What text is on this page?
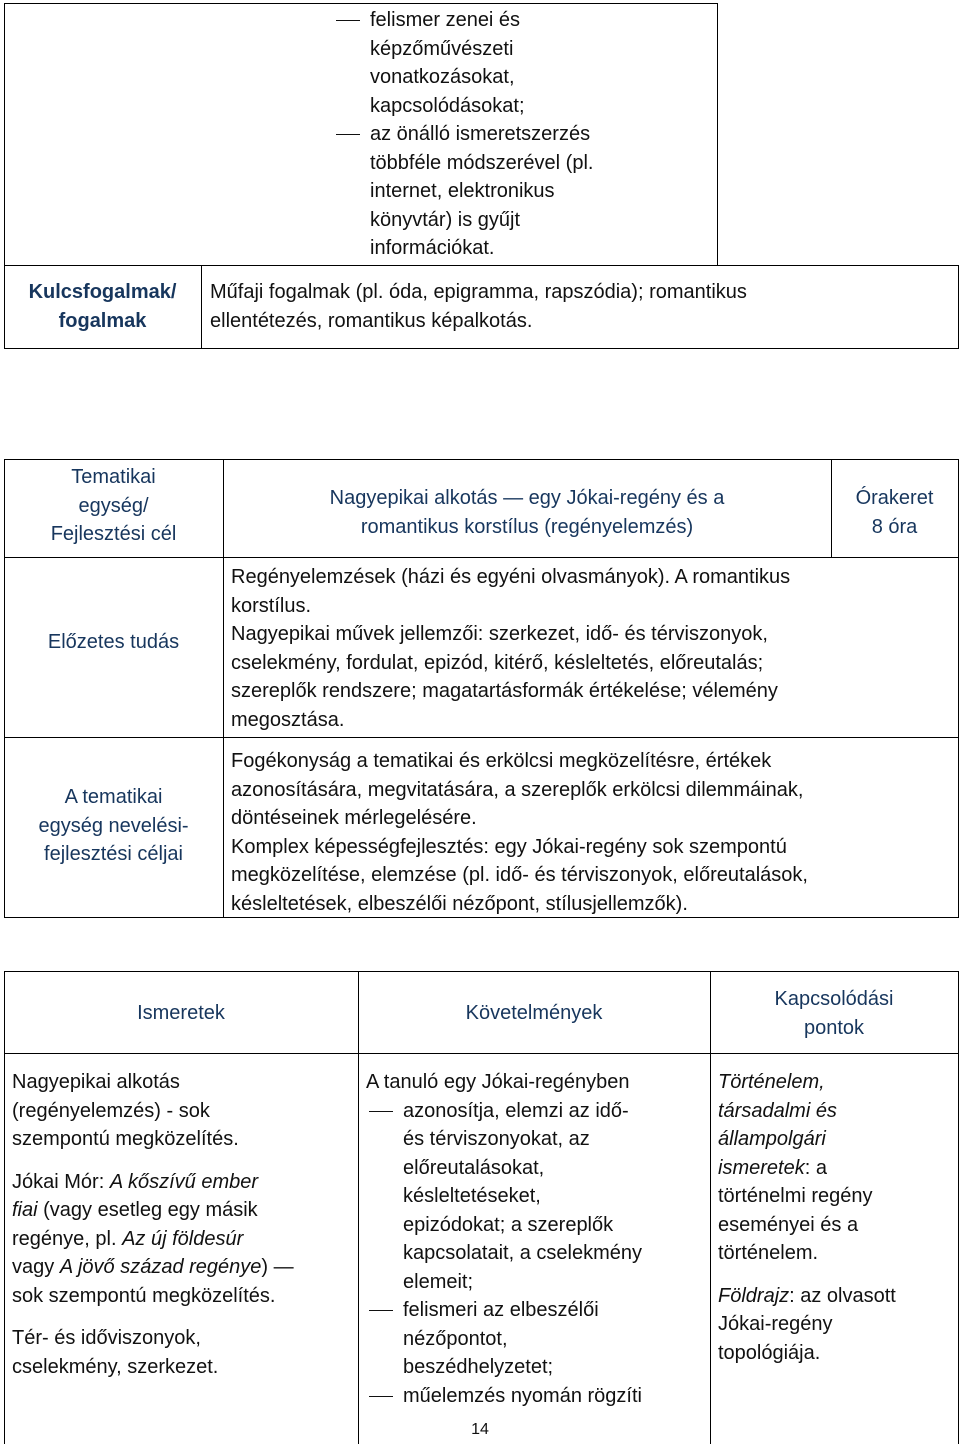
felismer zenei és
képzőművészeti
vonatkozásokat,
kapcsolódásokat;
az önálló ismeretszerzés
többféle módszerével (pl.
internet, elektronikus
könyvtár) is gyűjt
információkat.
Kulcsfogalmak/
fogalmak
Műfaji fogalmak (pl. óda, epigramma, rapszódia); romantikus
ellentétezés, romantikus képalkotás.
Tematikai
egység/
Fejlesztési cél
Nagyepikai alkotás ― egy Jókai-regény és a
romantikus korstílus (regényelemzés)
Órakeret
8 óra
Előzetes tudás
Regényelemzések (házi és egyéni olvasmányok). A romantikus
korstílus.
Nagyepikai művek jellemzői: szerkezet, idő- és térviszonyok,
cselekmény, fordulat, epizód, kitérő, késleltetés, előreutalás;
szereplők rendszere; magatartásformák értékelése; vélemény
megosztása.
A tematikai
egység nevelési-
fejlesztési céljai
Fogékonyság a tematikai és erkölcsi megközelítésre, értékek
azonosítására, megvitatására, a szereplők erkölcsi dilemmáinak,
döntéseinek mérlegelésére.
Komplex képességfejlesztés: egy Jókai-regény sok szempontú
megközelítése, elemzése (pl. idő- és térviszonyok, előreutalások,
késleltetések, elbeszélői nézőpont, stílusjellemzők).
Ismeretek	Követelmények
Kapcsolódási
pontok
Nagyepikai alkotás
(regényelemzés) - sok
szempontú megközelítés.
Jókai Mór: A kőszívű ember
fiai (vagy esetleg egy másik
regénye, pl. Az új földesúr
vagy A jövő század regénye) ―
sok szempontú megközelítés.
Tér- és időviszonyok,
cselekmény, szerkezet.
A tanuló egy Jókai-regényben
azonosítja, elemzi az idő-
és térviszonyokat, az
előreutalásokat,
késleltetéseket,
epizódokat; a szereplők
kapcsolatait, a cselekmény
elemeit;
felismeri az elbeszélői
nézőpontot,
beszédhelyzetet;
műelemzés nyomán rögzíti
Történelem,
társadalmi és
állampolgári
ismeretek: a
történelmi regény
eseményei és a
történelem.
Földrajz: az olvasott
Jókai-regény
topológiája.
14
